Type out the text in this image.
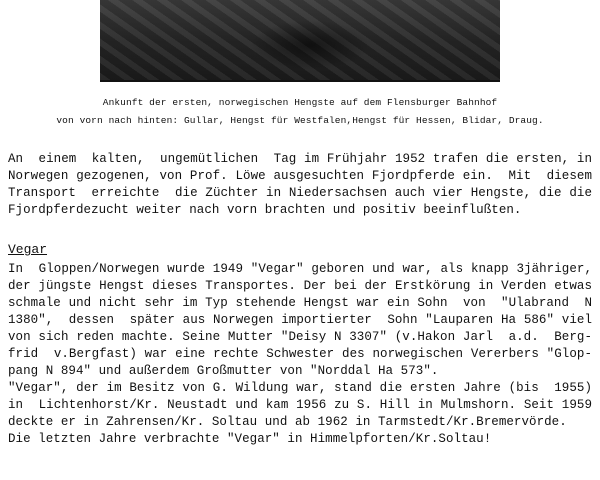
Ankunft der ersten, norwegischen Hengste auf dem Flensburger Bahnhof
von vorn nach hinten: Gullar, Hengst für Westfalen,Hengst für Hessen, Blidar, Draug.
An  einem  kalten,  ungemütlichen  Tag im Frühjahr 1952 trafen die ersten, in
Norwegen gezogenen, von Prof. Löwe ausgesuchten Fjordpferde ein.  Mit  diesem
Transport  erreichte  die Züchter in Niedersachsen auch vier Hengste, die die
Fjordpferdezucht weiter nach vorn brachten und positiv beeinflußten.
Vegar
In  Gloppen/Norwegen wurde 1949 "Vegar" geboren und war, als knapp 3jähriger,
der jüngste Hengst dieses Transportes. Der bei der Erstkörung in Verden etwas
schmale und nicht sehr im Typ stehende Hengst war ein Sohn  von  "Ulabrand  N
1380",  dessen  später aus Norwegen importierter  Sohn "Lauparen Ha 586" viel
von sich reden machte. Seine Mutter "Deisy N 3307" (v.Hakon Jarl  a.d.  Berg-
frid  v.Bergfast) war eine rechte Schwester des norwegischen Vererbers "Glop-
pang N 894" und außerdem Großmutter von "Norddal Ha 573".
"Vegar", der im Besitz von G. Wildung war, stand die ersten Jahre (bis  1955)
in  Lichtenhorst/Kr. Neustadt und kam 1956 zu S. Hill in Mulmshorn. Seit 1959
deckte er in Zahrensen/Kr. Soltau und ab 1962 in Tarmstedt/Kr.Bremervörde.
Die letzten Jahre verbrachte "Vegar" in Himmelpforten/Kr.Soltau!
